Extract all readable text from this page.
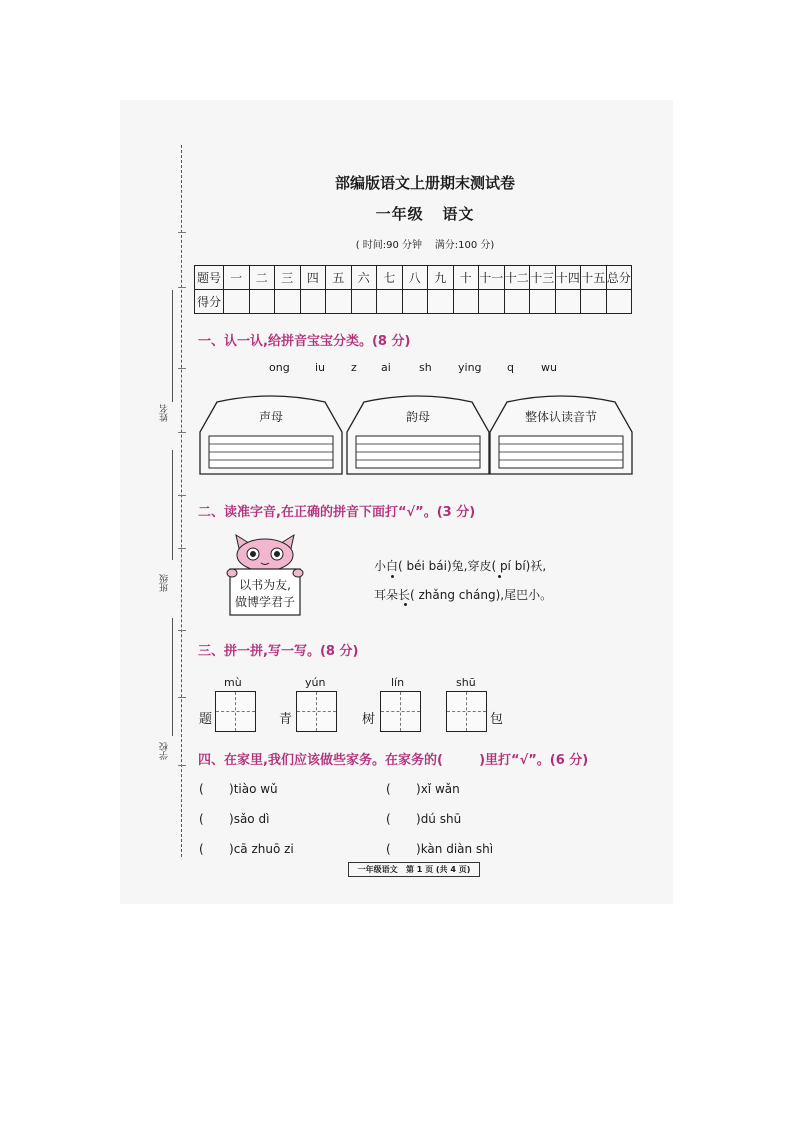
姓名
班级
学校
部编版语文上册期末测试卷
一年级   语文
( 时间:90 分钟    满分:100 分)
题号	一	二	三	四	五	六	七	八	九	十	十一	十二	十三	十四	十五	总分
得分																
一、认一认,给拼音宝宝分类。(8 分)
ong iu z ai	sh ying q wu
声母	韵母	整体认读音节
二、读准字音,在正确的拼音下面打“√”。(3 分)
以书为友,
做博学君子
小白( béi bái)兔,穿皮( pí bí)袄,
耳朵长( zhǎng cháng),尾巴小。
三、拼一拼,写一写。(8 分)
mù	yún	lín	shū
题	青	树	包
四、在家里,我们应该做些家务。在家务的(        )里打“√”。(6 分)
( )tiào wǔ	( )xǐ wǎn
( )sǎo dì	( )dú shū
( )cā zhuō zi	( )kàn diàn shì
一年级语文   第 1 页 (共 4 页)
